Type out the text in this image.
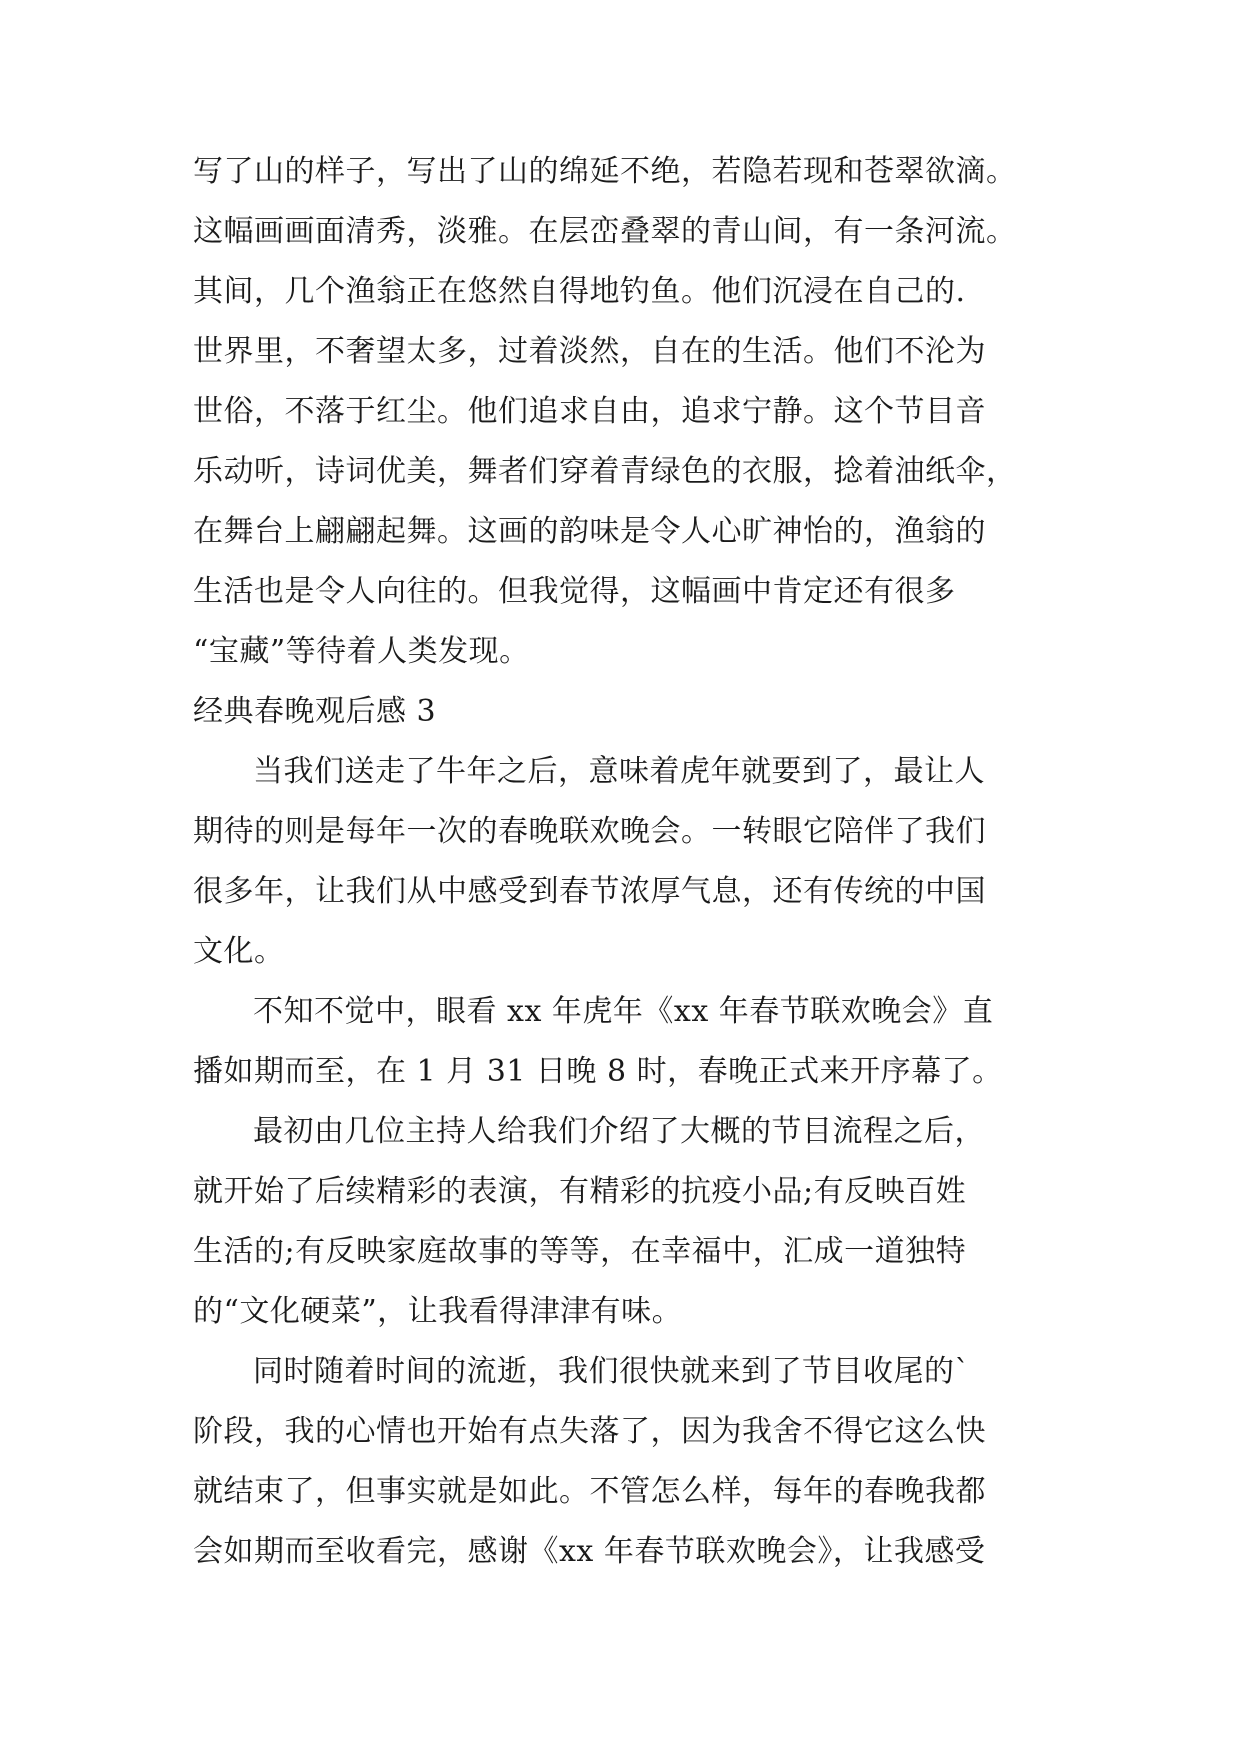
写了山的样子，写出了山的绵延不绝，若隐若现和苍翠欲滴。
这幅画画面清秀，淡雅。在层峦叠翠的青山间，有一条河流。
其间，几个渔翁正在悠然自得地钓鱼。他们沉浸在自己的.
世界里，不奢望太多，过着淡然，自在的生活。他们不沦为
世俗，不落于红尘。他们追求自由，追求宁静。这个节目音
乐动听，诗词优美，舞者们穿着青绿色的衣服，捻着油纸伞，
在舞台上翩翩起舞。这画的韵味是令人心旷神怡的，渔翁的
生活也是令人向往的。但我觉得，这幅画中肯定还有很多
“宝藏”等待着人类发现。
经典春晚观后感 3
当我们送走了牛年之后，意味着虎年就要到了，最让人
期待的则是每年一次的春晚联欢晚会。一转眼它陪伴了我们
很多年，让我们从中感受到春节浓厚气息，还有传统的中国
文化。
不知不觉中，眼看 xx 年虎年《xx 年春节联欢晚会》直
播如期而至，在 1 月 31 日晚 8 时，春晚正式来开序幕了。
最初由几位主持人给我们介绍了大概的节目流程之后，
就开始了后续精彩的表演，有精彩的抗疫小品;有反映百姓
生活的;有反映家庭故事的等等，在幸福中，汇成一道独特
的“文化硬菜”，让我看得津津有味。
同时随着时间的流逝，我们很快就来到了节目收尾的`
阶段，我的心情也开始有点失落了，因为我舍不得它这么快
就结束了，但事实就是如此。不管怎么样，每年的春晚我都
会如期而至收看完，感谢《xx 年春节联欢晚会》，让我感受
